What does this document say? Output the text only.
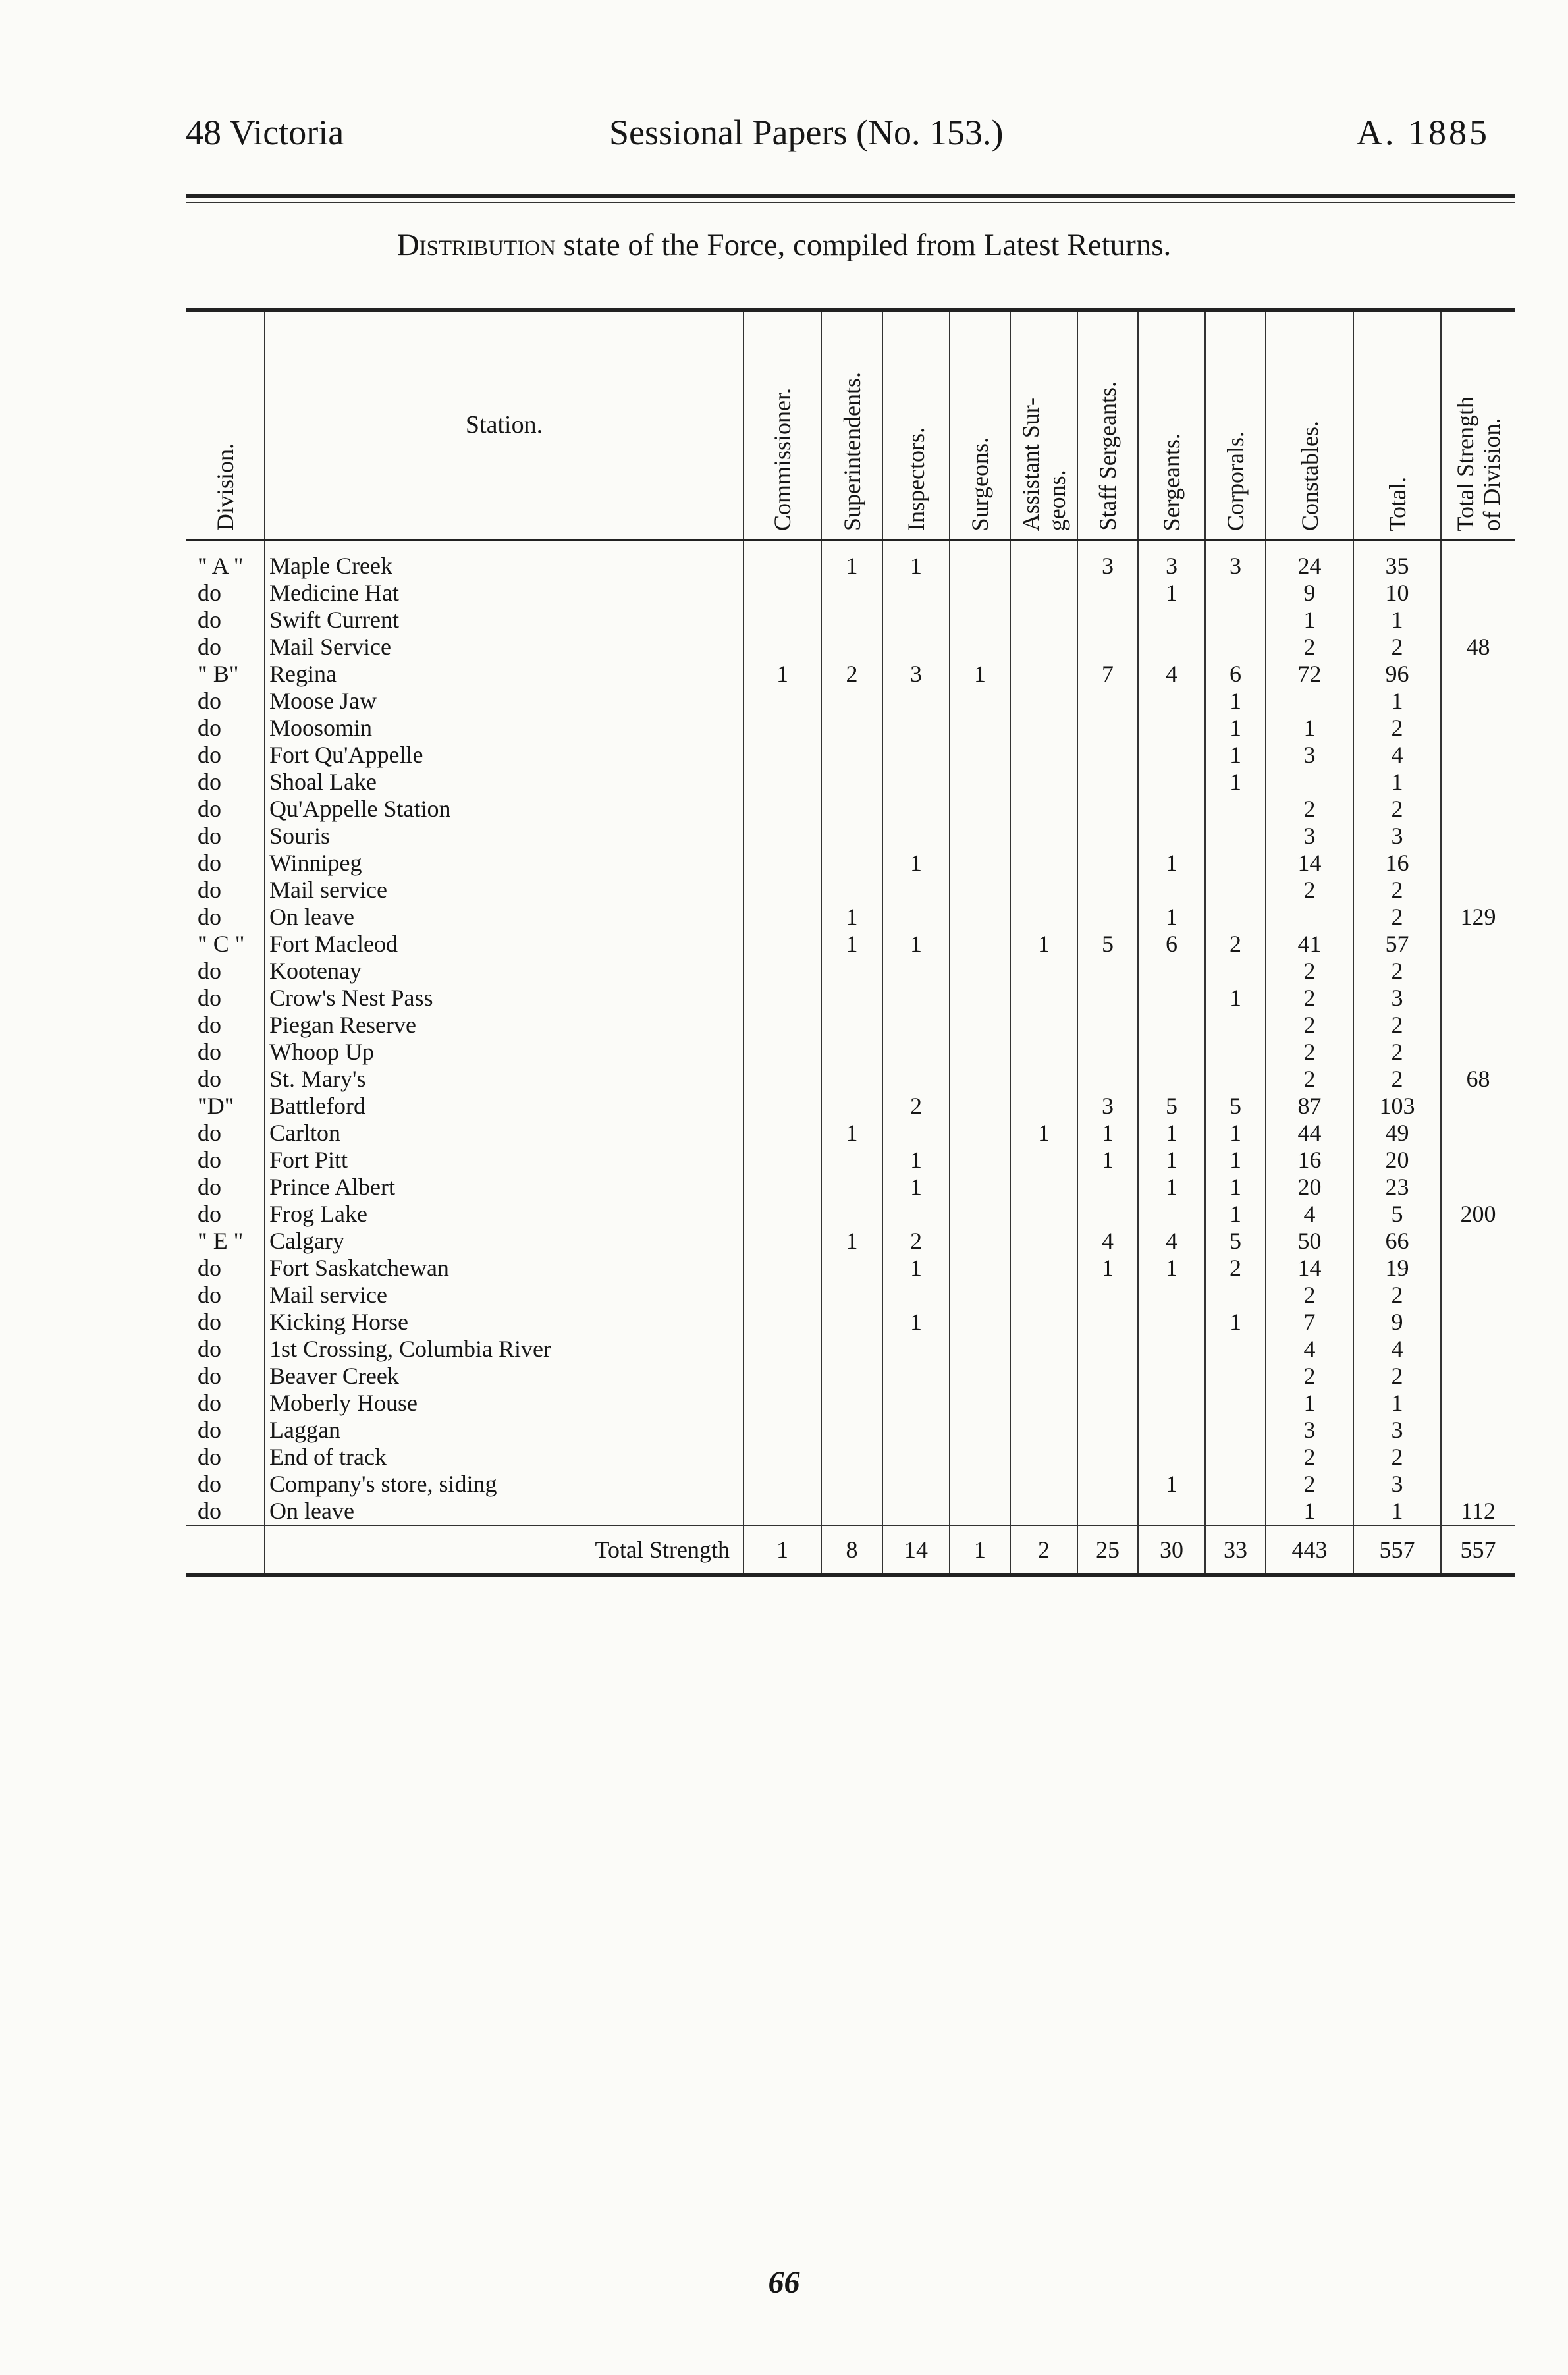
48 Victoria	Sessional Papers (No. 153.)	A. 1885
Distribution state of the Force, compiled from Latest Returns.
Division.	Station.	Commissioner.	Superintendents.	Inspectors.	Surgeons.	Assistant Sur-
geons.	Staff Sergeants.	Sergeants.	Corporals.	Constables.	Total.	Total Strength
of Division.

" A "	Maple Creek		1	1			3	3	3	24	35	
do	Medicine Hat							1		9	10	
do	Swift Current									1	1	
do	Mail Service									2	2	48
" B"	Regina	1	2	3	1		7	4	6	72	96	
do	Moose Jaw								1		1	
do	Moosomin								1	1	2	
do	Fort Qu'Appelle								1	3	4	
do	Shoal Lake								1		1	
do	Qu'Appelle Station									2	2	
do	Souris									3	3	
do	Winnipeg			1				1		14	16	
do	Mail service									2	2	
do	On leave		1					1			2	129
" C "	Fort Macleod		1	1		1	5	6	2	41	57	
do	Kootenay									2	2	
do	Crow's Nest Pass								1	2	3	
do	Piegan Reserve									2	2	
do	Whoop Up									2	2	
do	St. Mary's									2	2	68
"D"	Battleford			2			3	5	5	87	103	
do	Carlton		1			1	1	1	1	44	49	
do	Fort Pitt			1			1	1	1	16	20	
do	Prince Albert			1				1	1	20	23	
do	Frog Lake								1	4	5	200
" E "	Calgary		1	2			4	4	5	50	66	
do	Fort Saskatchewan			1			1	1	2	14	19	
do	Mail service									2	2	
do	Kicking Horse			1					1	7	9	
do	1st Crossing, Columbia River									4	4	
do	Beaver Creek									2	2	
do	Moberly House									1	1	
do	Laggan									3	3	
do	End of track									2	2	
do	Company's store, siding							1		2	3	
do	On leave									1	1	112
	Total Strength	1	8	14	1	2	25	30	33	443	557	557
66
